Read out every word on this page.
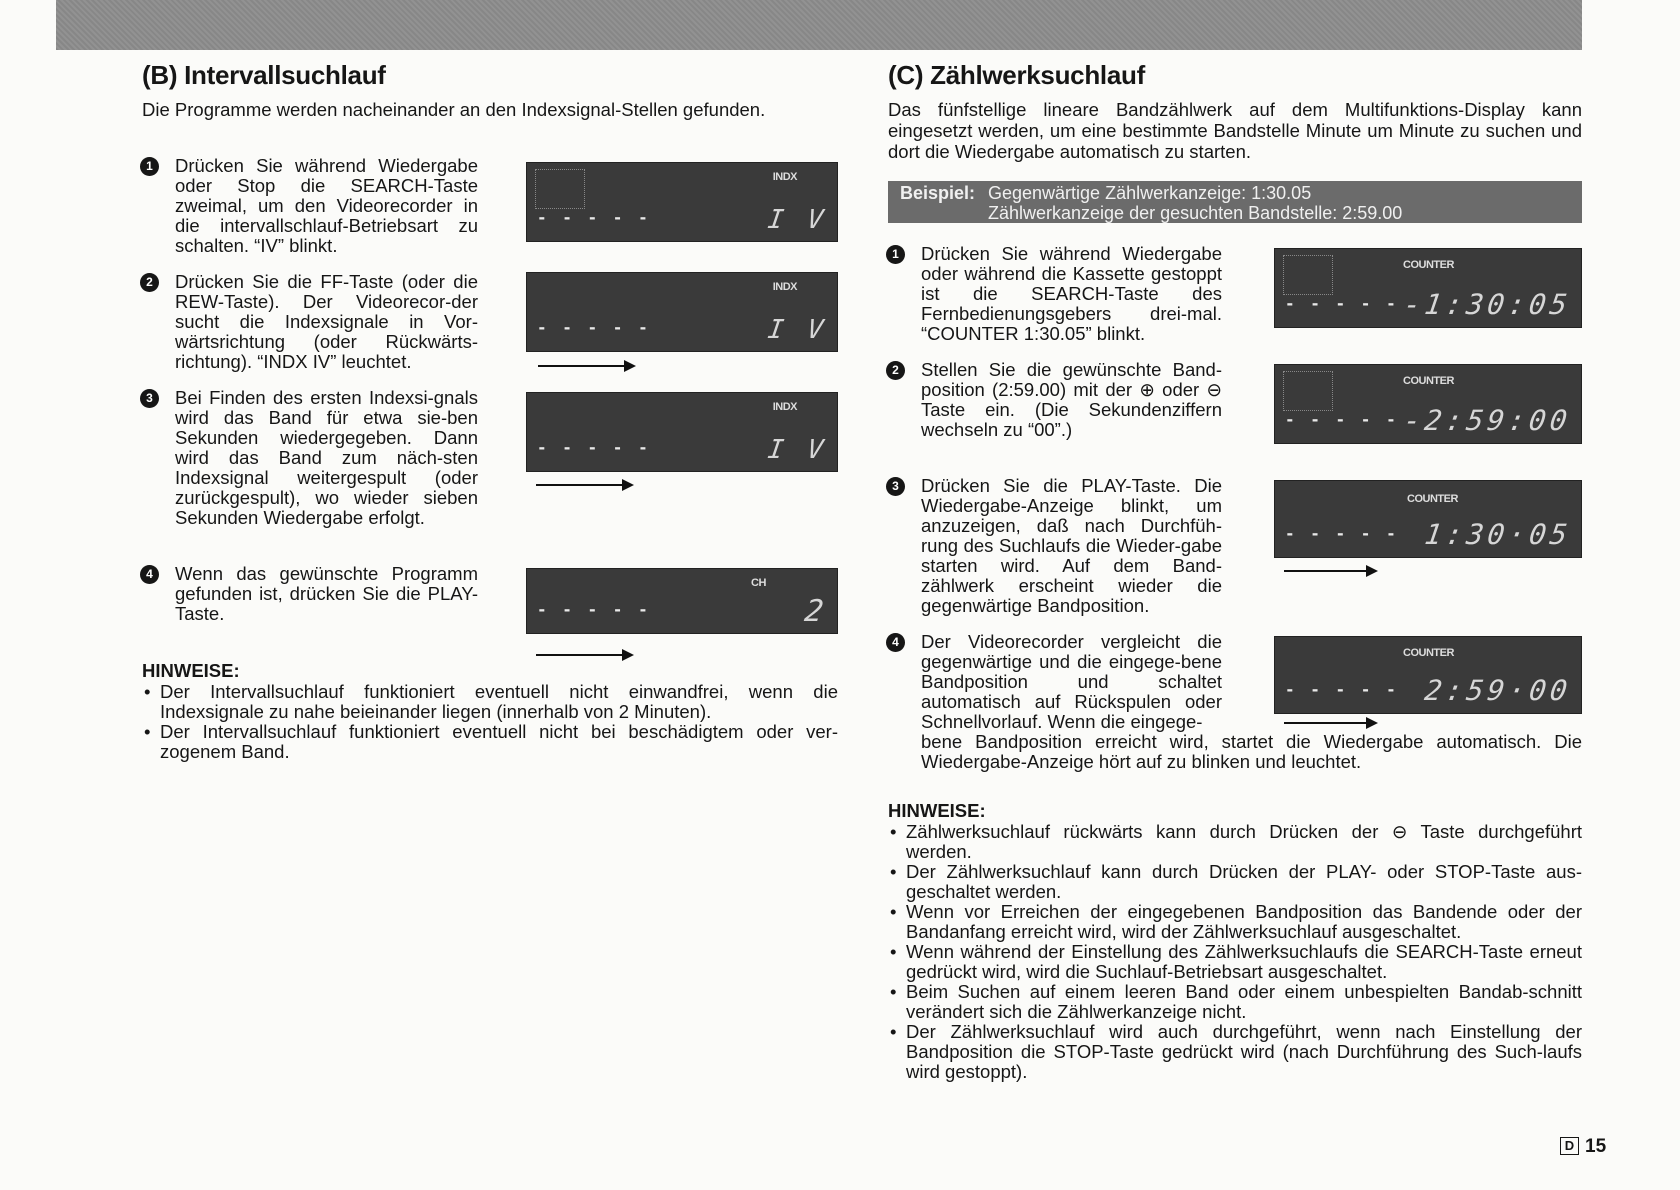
(B) Intervallsuchlauf

Die Programme werden nacheinander an den Indexsignal-Stellen gefunden.

1	Drücken Sie während Wiedergabe oder Stop die SEARCH-Taste zweimal, um den Videorecorder in die intervallschlauf-Betriebsart zu schalten. “IV” blinkt.
2	Drücken Sie die FF-Taste (oder die REW-Taste). Der Videorecor-der sucht die Indexsignale in Vor-wärtsrichtung (oder Rückwärts-richtung). “INDX IV” leuchtet.
3	Bei Finden des ersten Indexsi-gnals wird das Band für etwa sie-ben Sekunden wiedergegeben. Dann wird das Band zum näch-sten Indexsignal weitergespult (oder zurückgespult), wo wieder sieben Sekunden Wiedergabe erfolgt.
4	Wenn das gewünschte Programm gefunden ist, drücken Sie die PLAY-Taste.
INDX
- - - - -	I V
INDX
- - - - -	I V
INDX
- - - - -	I V
CH
- - - - -	2
HINWEISE:
• Der Intervallsuchlauf funktioniert eventuell nicht einwandfrei, wenn die Indexsignale zu nahe beieinander liegen (innerhalb von 2 Minuten).
• Der Intervallsuchlauf funktioniert eventuell nicht bei beschädigtem oder ver-zogenem Band.
(C) Zählwerksuchlauf

Das fünfstellige lineare Bandzählwerk auf dem Multifunktions-Display kann eingesetzt werden, um eine bestimmte Bandstelle Minute um Minute zu suchen und dort die Wiedergabe automatisch zu starten.

Beispiel: Gegenwärtige Zählwerkanzeige: 1:30.05
Zählwerkanzeige der gesuchten Bandstelle: 2:59.00
1	Drücken Sie während Wiedergabe oder während die Kassette gestoppt ist die SEARCH-Taste des Fernbedienungsgebers drei-mal. “COUNTER 1:30.05” blinkt.
2	Stellen Sie die gewünschte Band-position (2:59.00) mit der ⊕ oder ⊖ Taste ein. (Die Sekundenziffern wechseln zu “00”.)
3	Drücken Sie die PLAY-Taste. Die Wiedergabe-Anzeige blinkt, um anzuzeigen, daß nach Durchfüh-rung des Suchlaufs die Wieder-gabe starten wird. Auf dem Band-zählwerk erscheint wieder die gegenwärtige Bandposition.
4	Der Videorecorder vergleicht die gegenwärtige und die eingege-bene Bandposition und schaltet automatisch auf Rückspulen oder Schnellvorlauf. Wenn die eingege-
bene Bandposition erreicht wird, startet die Wiedergabe automatisch. Die Wiedergabe-Anzeige hört auf zu blinken und leuchtet.
COUNTER
- - - - - -1:30:05
COUNTER
- - - - - -2:59:00
COUNTER
- - - - - 1:30·05
COUNTER
- - - - - 2:59·00
HINWEISE:
• Zählwerksuchlauf rückwärts kann durch Drücken der ⊖ Taste durchgeführt werden.
• Der Zählwerksuchlauf kann durch Drücken der PLAY- oder STOP-Taste aus-geschaltet werden.
• Wenn vor Erreichen der eingegebenen Bandposition das Bandende oder der Bandanfang erreicht wird, wird der Zählwerksuchlauf ausgeschaltet.
• Wenn während der Einstellung des Zählwerksuchlaufs die SEARCH-Taste erneut gedrückt wird, wird die Suchlauf-Betriebsart ausgeschaltet.
• Beim Suchen auf einem leeren Band oder einem unbespielten Bandab-schnitt verändert sich die Zählwerkanzeige nicht.
• Der Zählwerksuchlauf wird auch durchgeführt, wenn nach Einstellung der Bandposition die STOP-Taste gedrückt wird (nach Durchführung des Such-laufs wird gestoppt).
D 15
